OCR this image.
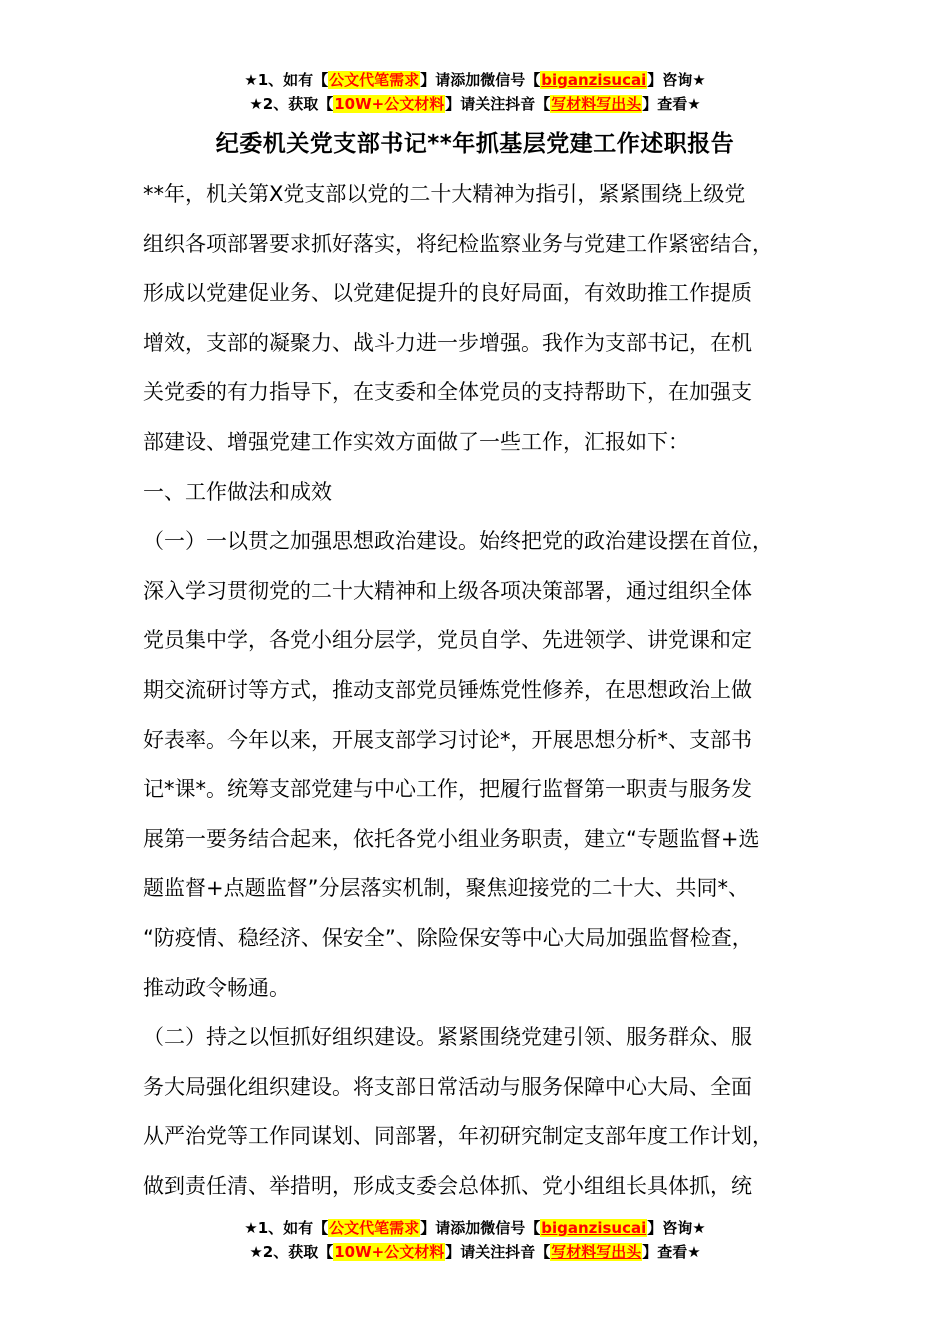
★1、如有【公文代笔需求】请添加微信号【biganzisucai】咨询★
★2、获取【10W+公文材料】请关注抖音【写材料写出头】查看★
纪委机关党支部书记**年抓基层党建工作述职报告

**年，机关第X党支部以党的二十大精神为指引，紧紧围绕上级党

组织各项部署要求抓好落实，将纪检监察业务与党建工作紧密结合，

形成以党建促业务、以党建促提升的良好局面，有效助推工作提质

增效，支部的凝聚力、战斗力进一步增强。我作为支部书记，在机

关党委的有力指导下，在支委和全体党员的支持帮助下，在加强支

部建设、增强党建工作实效方面做了一些工作，汇报如下：

一、工作做法和成效

（一）一以贯之加强思想政治建设。始终把党的政治建设摆在首位，

深入学习贯彻党的二十大精神和上级各项决策部署，通过组织全体

党员集中学，各党小组分层学，党员自学、先进领学、讲党课和定

期交流研讨等方式，推动支部党员锤炼党性修养，在思想政治上做

好表率。今年以来，开展支部学习讨论*，开展思想分析*、支部书

记*课*。统筹支部党建与中心工作，把履行监督第一职责与服务发

展第一要务结合起来，依托各党小组业务职责，建立“专题监督+选

题监督+点题监督”分层落实机制，聚焦迎接党的二十大、共同*、

“防疫情、稳经济、保安全”、除险保安等中心大局加强监督检查，

推动政令畅通。

（二）持之以恒抓好组织建设。紧紧围绕党建引领、服务群众、服

务大局强化组织建设。将支部日常活动与服务保障中心大局、全面

从严治党等工作同谋划、同部署，年初研究制定支部年度工作计划，

做到责任清、举措明，形成支委会总体抓、党小组组长具体抓，统

★1、如有【公文代笔需求】请添加微信号【biganzisucai】咨询★
★2、获取【10W+公文材料】请关注抖音【写材料写出头】查看★
